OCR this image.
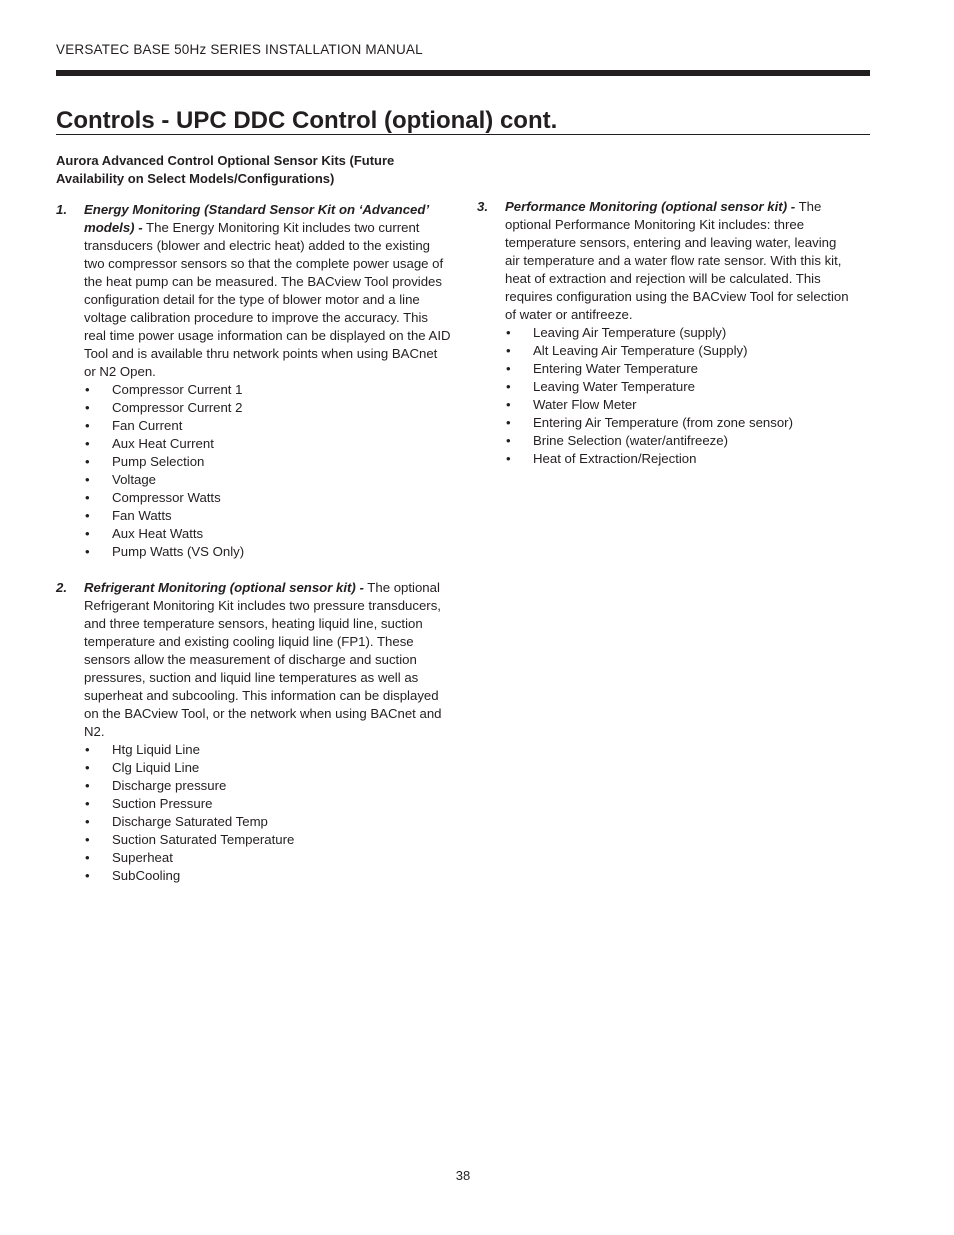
VERSATEC BASE 50Hz SERIES INSTALLATION MANUAL
Controls - UPC DDC Control (optional) cont.

Aurora Advanced Control Optional Sensor Kits (Future Availability on Select Models/Configurations)

1. Energy Monitoring (Standard Sensor Kit on ‘Advanced’ models) - The Energy Monitoring Kit includes two current transducers (blower and electric heat) added to the existing two compressor sensors so that the complete power usage of the heat pump can be measured. The BACview Tool provides configuration detail for the type of blower motor and a line voltage calibration procedure to improve the accuracy. This real time power usage information can be displayed on the AID Tool and is available thru network points when using BACnet or N2 Open.

• Compressor Current 1
• Compressor Current 2
• Fan Current
• Aux Heat Current
• Pump Selection
• Voltage
• Compressor Watts
• Fan Watts
• Aux Heat Watts
• Pump Watts (VS Only)
2. Refrigerant Monitoring (optional sensor kit) - The optional Refrigerant Monitoring Kit includes two pressure transducers, and three temperature sensors, heating liquid line, suction temperature and existing cooling liquid line (FP1). These sensors allow the measurement of discharge and suction pressures, suction and liquid line temperatures as well as superheat and subcooling. This information can be displayed on the BACview Tool, or the network when using BACnet and N2.

• Htg Liquid Line
• Clg Liquid Line
• Discharge pressure
• Suction Pressure
• Discharge Saturated Temp
• Suction Saturated Temperature
• Superheat
• SubCooling
3. Performance Monitoring (optional sensor kit) - The optional Performance Monitoring Kit includes: three temperature sensors, entering and leaving water, leaving air temperature and a water flow rate sensor. With this kit, heat of extraction and rejection will be calculated. This requires configuration using the BACview Tool for selection of water or antifreeze.

• Leaving Air Temperature (supply)
• Alt Leaving Air Temperature (Supply)
• Entering Water Temperature
• Leaving Water Temperature
• Water Flow Meter
• Entering Air Temperature (from zone sensor)
• Brine Selection (water/antifreeze)
• Heat of Extraction/Rejection
38
